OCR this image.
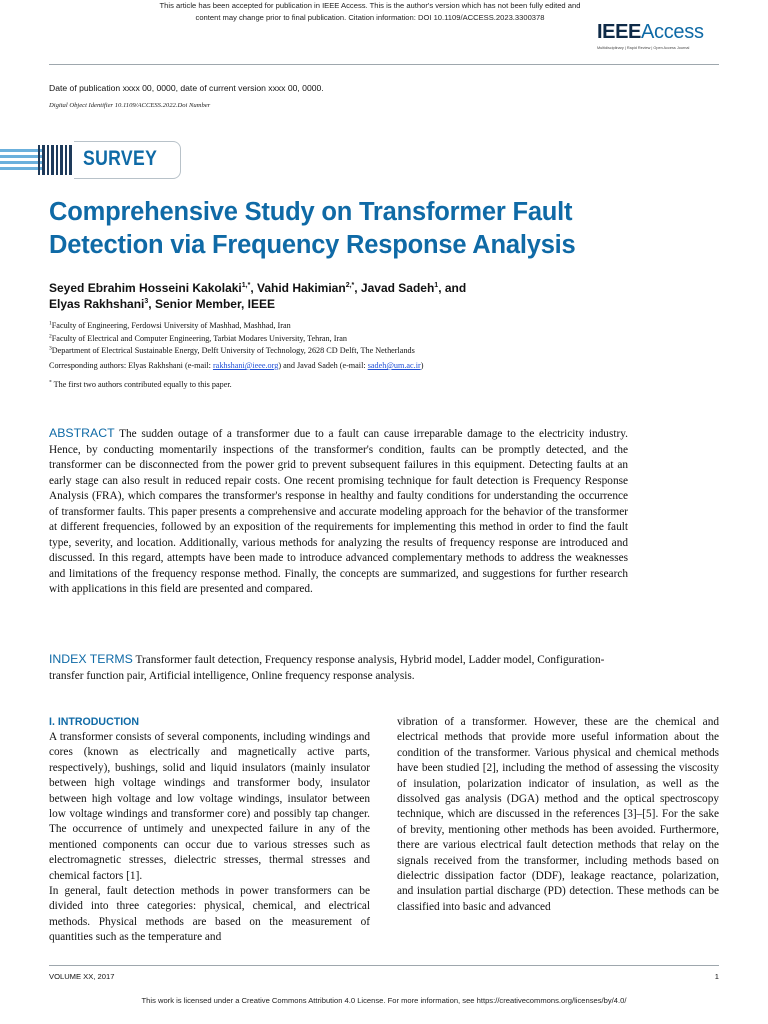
This article has been accepted for publication in IEEE Access. This is the author's version which has not been fully edited and
content may change prior to final publication. Citation information: DOI 10.1109/ACCESS.2023.3300378
IEEEAccess
Multidisciplinary | Rapid Review | Open Access Journal
Date of publication xxxx 00, 0000, date of current version xxxx 00, 0000.
Digital Object Identifier 10.1109/ACCESS.2022.Doi Number
SURVEY
Comprehensive Study on Transformer Fault
Detection via Frequency Response Analysis
Seyed Ebrahim Hosseini Kakolaki$^{1,*}$, Vahid Hakimian$^{2,*}$, Javad Sadeh$^1$, and
Elyas Rakhshani$^3$, Senior Member, IEEE
$^1$Faculty of Engineering, Ferdowsi University of Mashhad, Mashhad, Iran
$^2$Faculty of Electrical and Computer Engineering, Tarbiat Modares University, Tehran, Iran
$^3$Department of Electrical Sustainable Energy, Delft University of Technology, 2628 CD Delft, The Netherlands
Corresponding authors: Elyas Rakhshani (e-mail: rakhshani@ieee.org) and Javad Sadeh (e-mail: sadeh@um.ac.ir)
* The first two authors contributed equally to this paper.

ABSTRACT The sudden outage of a transformer due to a fault can cause irreparable damage to the electricity industry. Hence, by conducting momentarily inspections of the transformer's condition, faults can be promptly detected, and the transformer can be disconnected from the power grid to prevent subsequent failures in this equipment. Detecting faults at an early stage can also result in reduced repair costs. One recent promising technique for fault detection is Frequency Response Analysis (FRA), which compares the transformer's response in healthy and faulty conditions for understanding the occurrence of transformer faults. This paper presents a comprehensive and accurate modeling approach for the behavior of the transformer at different frequencies, followed by an exposition of the requirements for implementing this method in order to find the fault type, severity, and location. Additionally, various methods for analyzing the results of frequency response are introduced and discussed. In this regard, attempts have been made to introduce advanced complementary methods to address the weaknesses and limitations of the frequency response method. Finally, the concepts are summarized, and suggestions for further research with applications in this field are presented and compared.

INDEX TERMS Transformer fault detection, Frequency response analysis, Hybrid model, Ladder model, Configuration-transfer function pair, Artificial intelligence, Online frequency response analysis.

I. INTRODUCTION

A transformer consists of several components, including windings and cores (known as electrically and magnetically active parts, respectively), bushings, solid and liquid insulators (mainly insulator between high voltage windings and transformer body, insulator between high voltage and low voltage windings, insulator between low voltage windings and transformer core) and possibly tap changer. The occurrence of untimely and unexpected failure in any of the mentioned components can occur due to various stresses such as electromagnetic stresses, dielectric stresses, thermal stresses and chemical factors [1].

In general, fault detection methods in power transformers can be divided into three categories: physical, chemical, and electrical methods. Physical methods are based on the measurement of quantities such as the temperature and

vibration of a transformer. However, these are the chemical and electrical methods that provide more useful information about the condition of the transformer. Various physical and chemical methods have been studied [2], including the method of assessing the viscosity of insulation, polarization indicator of insulation, as well as the dissolved gas analysis (DGA) method and the optical spectroscopy technique, which are discussed in the references [3]–[5]. For the sake of brevity, mentioning other methods has been avoided. Furthermore, there are various electrical fault detection methods that relay on the signals received from the transformer, including methods based on dielectric dissipation factor (DDF), leakage reactance, polarization, and insulation partial discharge (PD) detection. These methods can be classified into basic and advanced

VOLUME XX, 2017	1
This work is licensed under a Creative Commons Attribution 4.0 License. For more information, see https://creativecommons.org/licenses/by/4.0/
